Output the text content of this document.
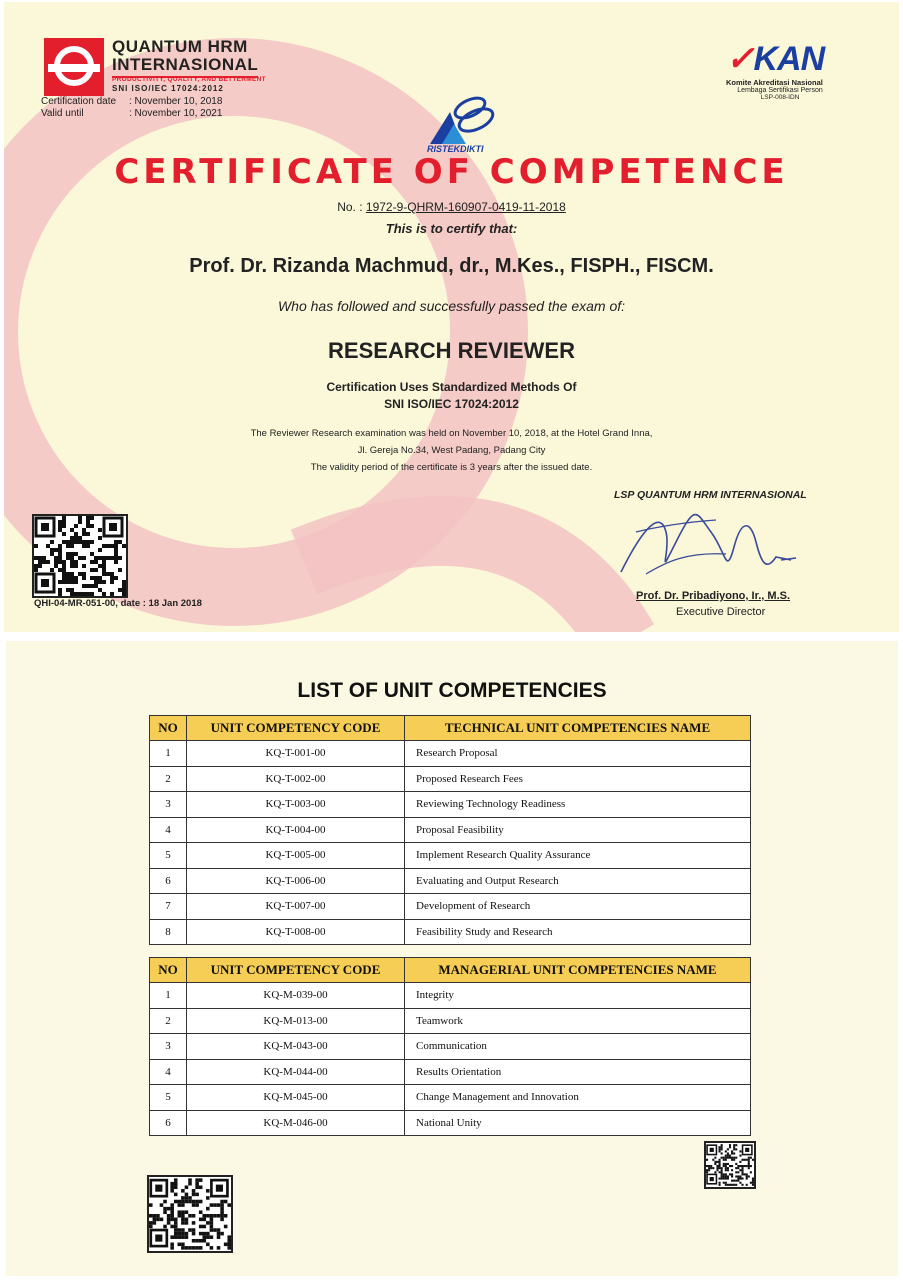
QUANTUM HRM
INTERNASIONAL
PRODUCTIVITY, QUALITY, AND BETTERMENT
SNI ISO/IEC 17024:2012
Certification date	: November 10, 2018
Valid until	: November 10, 2021
✓KAN
Komite Akreditasi Nasional
Lembaga Sertifikasi Person
LSP-008-IDN
RISTEKDIKTI
CERTIFICATE OF COMPETENCE
No. : 1972-9-QHRM-160907-0419-11-2018
This is to certify that:
Prof. Dr. Rizanda Machmud, dr., M.Kes., FISPH., FISCM.
Who has followed and successfully passed the exam of:
RESEARCH REVIEWER
Certification Uses Standardized Methods Of
SNI ISO/IEC 17024:2012
The Reviewer Research examination was held on November 10, 2018, at the Hotel Grand Inna,
Jl. Gereja No.34, West Padang, Padang City
The validity period of the certificate is 3 years after the issued date.
QHI-04-MR-051-00, date : 18 Jan 2018
LSP QUANTUM HRM INTERNASIONAL
Prof. Dr. Pribadiyono, Ir., M.S.
Executive Director
LIST OF UNIT COMPETENCIES
NO	UNIT COMPETENCY CODE	TECHNICAL UNIT COMPETENCIES NAME
1	KQ-T-001-00	Research Proposal
2	KQ-T-002-00	Proposed Research Fees
3	KQ-T-003-00	Reviewing Technology Readiness
4	KQ-T-004-00	Proposal Feasibility
5	KQ-T-005-00	Implement Research Quality Assurance
6	KQ-T-006-00	Evaluating and Output Research
7	KQ-T-007-00	Development of Research
8	KQ-T-008-00	Feasibility Study and Research
NO	UNIT COMPETENCY CODE	MANAGERIAL UNIT COMPETENCIES NAME
1	KQ-M-039-00	Integrity
2	KQ-M-013-00	Teamwork
3	KQ-M-043-00	Communication
4	KQ-M-044-00	Results Orientation
5	KQ-M-045-00	Change Management and Innovation
6	KQ-M-046-00	National Unity
